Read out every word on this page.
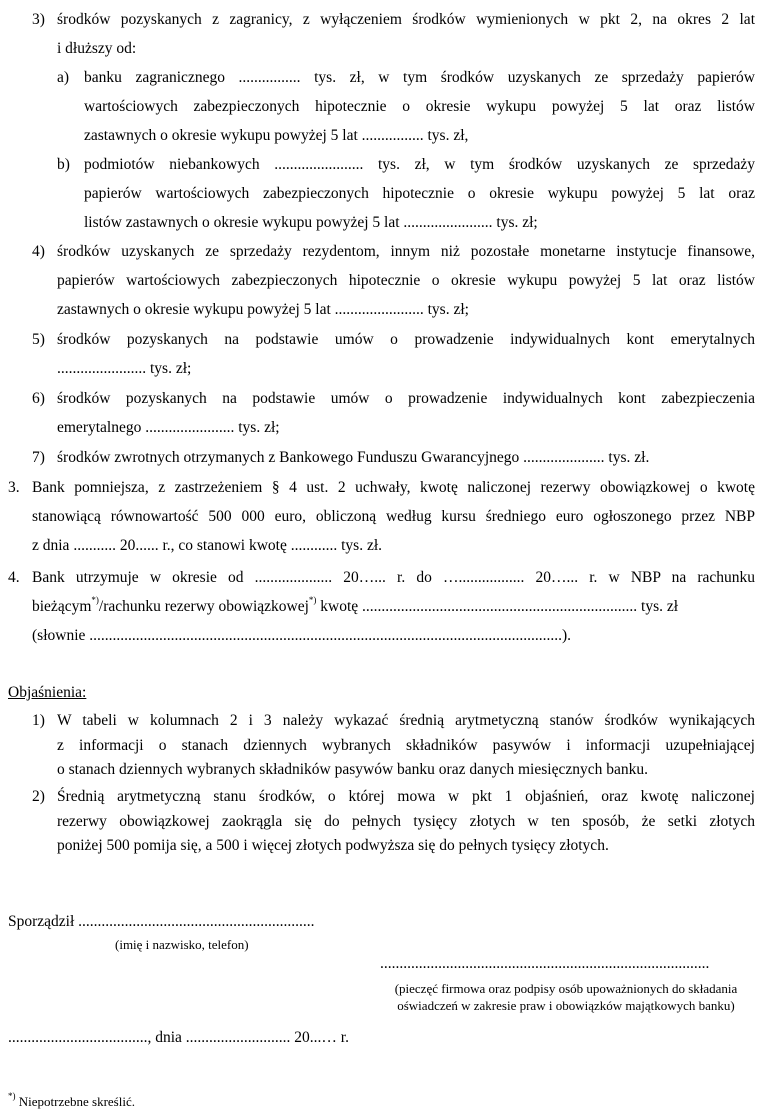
3) środków pozyskanych z zagranicy, z wyłączeniem środków wymienionych w pkt 2, na okres 2 lat
i dłuższy od:
a) banku zagranicznego ................ tys. zł, w tym środków uzyskanych ze sprzedaży papierów
wartościowych zabezpieczonych hipotecznie o okresie wykupu powyżej 5 lat oraz listów
zastawnych o okresie wykupu powyżej 5 lat ................ tys. zł,
b) podmiotów niebankowych ....................... tys. zł, w tym środków uzyskanych ze sprzedaży
papierów wartościowych zabezpieczonych hipotecznie o okresie wykupu powyżej 5 lat oraz
listów zastawnych o okresie wykupu powyżej 5 lat ....................... tys. zł;
4) środków uzyskanych ze sprzedaży rezydentom, innym niż pozostałe monetarne instytucje finansowe,
papierów wartościowych zabezpieczonych hipotecznie o okresie wykupu powyżej 5 lat oraz listów
zastawnych o okresie wykupu powyżej 5 lat ....................... tys. zł;
5) środków pozyskanych na podstawie umów o prowadzenie indywidualnych kont emerytalnych
....................... tys. zł;
6) środków pozyskanych na podstawie umów o prowadzenie indywidualnych kont zabezpieczenia
emerytalnego ....................... tys. zł;
7) środków zwrotnych otrzymanych z Bankowego Funduszu Gwarancyjnego ..................... tys. zł.
3. Bank pomniejsza, z zastrzeżeniem § 4 ust. 2 uchwały, kwotę naliczonej rezerwy obowiązkowej o kwotę
stanowiącą równowartość 500 000 euro, obliczoną według kursu średniego euro ogłoszonego przez NBP
z dnia ........... 20...... r., co stanowi kwotę ............ tys. zł.
4. Bank utrzymuje w okresie od .................... 20…... r. do …................. 20…... r. w NBP na rachunku
bieżącym*)/rachunku rezerwy obowiązkowej*) kwotę ....................................................................... tys. zł
(słownie ..........................................................................................................................).
Objaśnienia:
1) W tabeli w kolumnach 2 i 3 należy wykazać średnią arytmetyczną stanów środków wynikających
z informacji o stanach dziennych wybranych składników pasywów i informacji uzupełniającej
o stanach dziennych wybranych składników pasywów banku oraz danych miesięcznych banku.
2) Średnią arytmetyczną stanu środków, o której mowa w pkt 1 objaśnień, oraz kwotę naliczonej
rezerwy obowiązkowej zaokrągla się do pełnych tysięcy złotych w ten sposób, że setki złotych
poniżej 500 pomija się, a 500 i więcej złotych podwyższa się do pełnych tysięcy złotych.
Sporządził .............................................................
(imię i nazwisko, telefon)
.....................................................................................
(pieczęć firmowa oraz podpisy osób upoważnionych do składania
oświadczeń w zakresie praw i obowiązków majątkowych banku)
...................................., dnia ........................... 20...… r.
*) Niepotrzebne skreślić.
